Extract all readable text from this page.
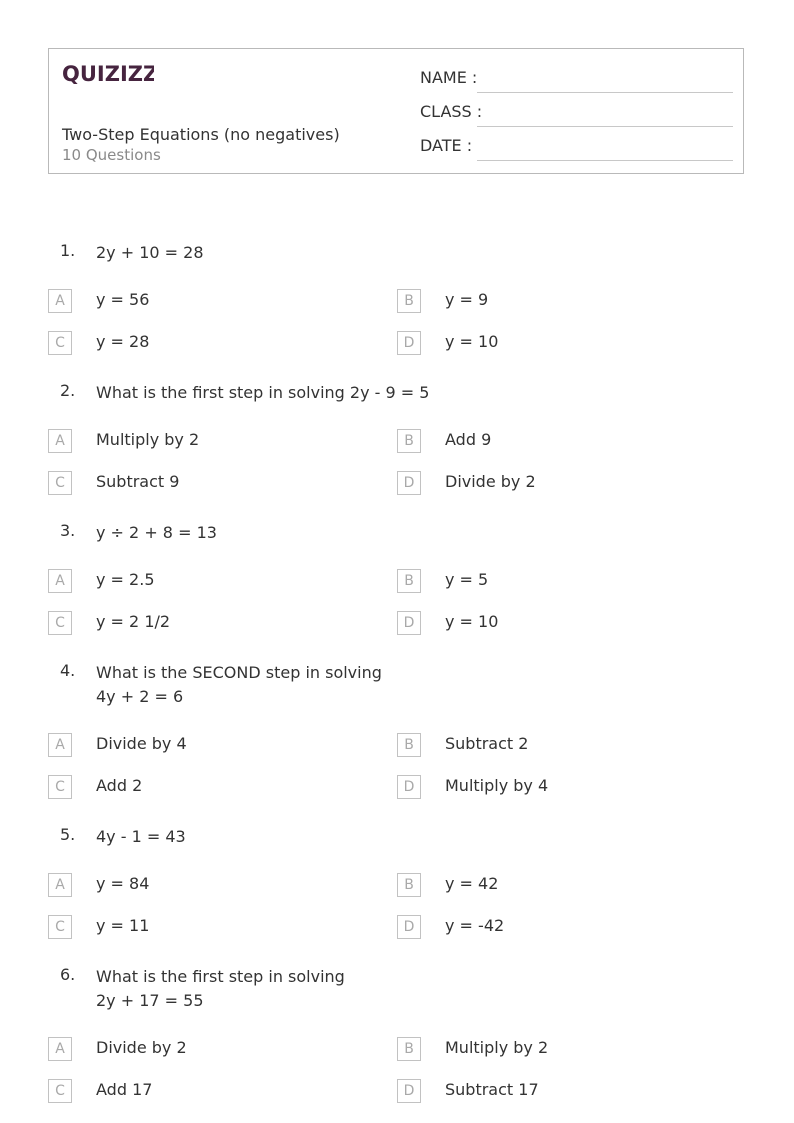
QUIZIZZ
Two-Step Equations (no negatives)
10 Questions
NAME :
CLASS :
DATE :
1. 2y + 10 = 28
A	y = 56	B	y = 9
C	y = 28	D	y = 10
2. What is the first step in solving 2y - 9 = 5
A	Multiply by 2	B	Add 9
C	Subtract 9	D	Divide by 2
3. y ÷ 2 + 8 = 13
A	y = 2.5	B	y = 5
C	y = 2 1/2	D	y = 10
4. What is the SECOND step in solving
4y + 2 = 6
A	Divide by 4	B	Subtract 2
C	Add 2	D	Multiply by 4
5. 4y - 1 = 43
A	y = 84	B	y = 42
C	y = 11	D	y = -42
6. What is the first step in solving
2y + 17 = 55
A	Divide by 2	B	Multiply by 2
C	Add 17	D	Subtract 17
